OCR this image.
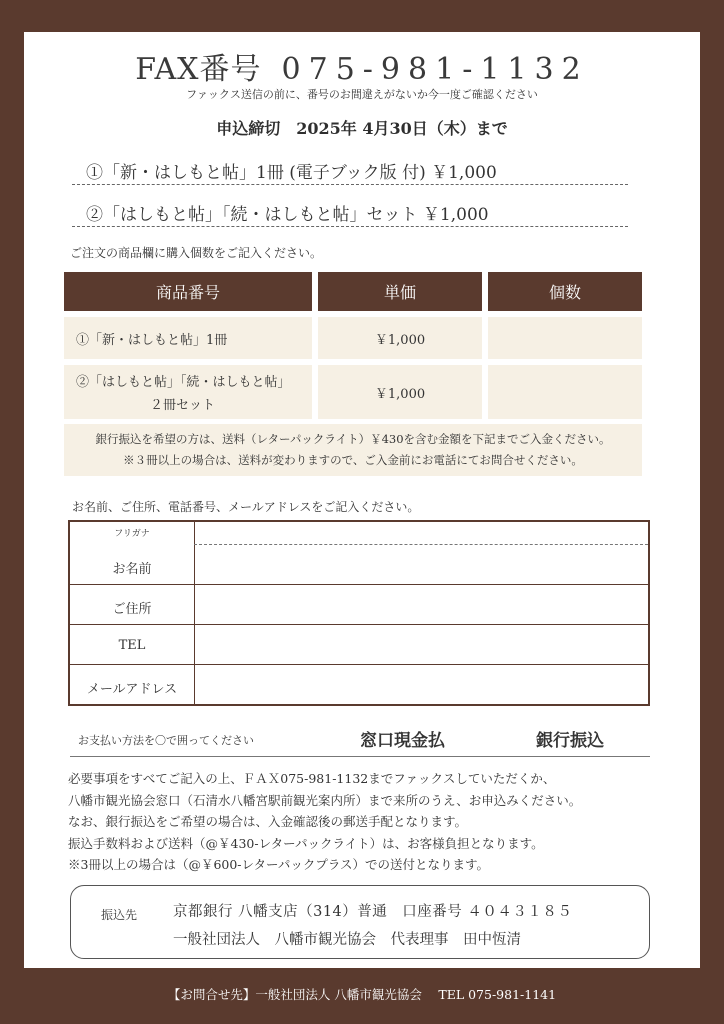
FAX番号 075-981-1132
ファックス送信の前に、番号のお間違えがないか今一度ご確認ください
申込締切　2025年 4月30日（木）まで
①「新・はしもと帖」1冊 (電子ブック版 付) ￥1,000
②「はしもと帖」「続・はしもと帖」セット ￥1,000
ご注文の商品欄に購入個数をご記入ください。
商品番号	単価	個数
①「新・はしもと帖」1冊	￥1,000
②「はしもと帖」「続・はしもと帖」
２冊セット
￥1,000
銀行振込を希望の方は、送料（レターパックライト）￥430を含む金額を下記までご入金ください。
※３冊以上の場合は、送料が変わりますので、ご入金前にお電話にてお問合せください。
お名前、ご住所、電話番号、メールアドレスをご記入ください。
フリガナ
お名前
ご住所
TEL
メールアドレス
お支払い方法を〇で囲ってください	窓口現金払	銀行振込
必要事項をすべてご記入の上、ＦＡＸ075-981-1132までファックスしていただくか、
八幡市観光協会窓口（石清水八幡宮駅前観光案内所）まで来所のうえ、お申込みください。
なお、銀行振込をご希望の場合は、入金確認後の郵送手配となります。
振込手数料および送料（@￥430-レターパックライト）は、お客様負担となります。
※3冊以上の場合は（@￥600-レターパックプラス）での送付となります。
振込先 京都銀行 八幡支店（314）普通　口座番号 ４０４３１８５
一般社団法人　八幡市観光協会　代表理事　田中恆清
【お問合せ先】一般社団法人 八幡市観光協会　 TEL 075-981-1141
